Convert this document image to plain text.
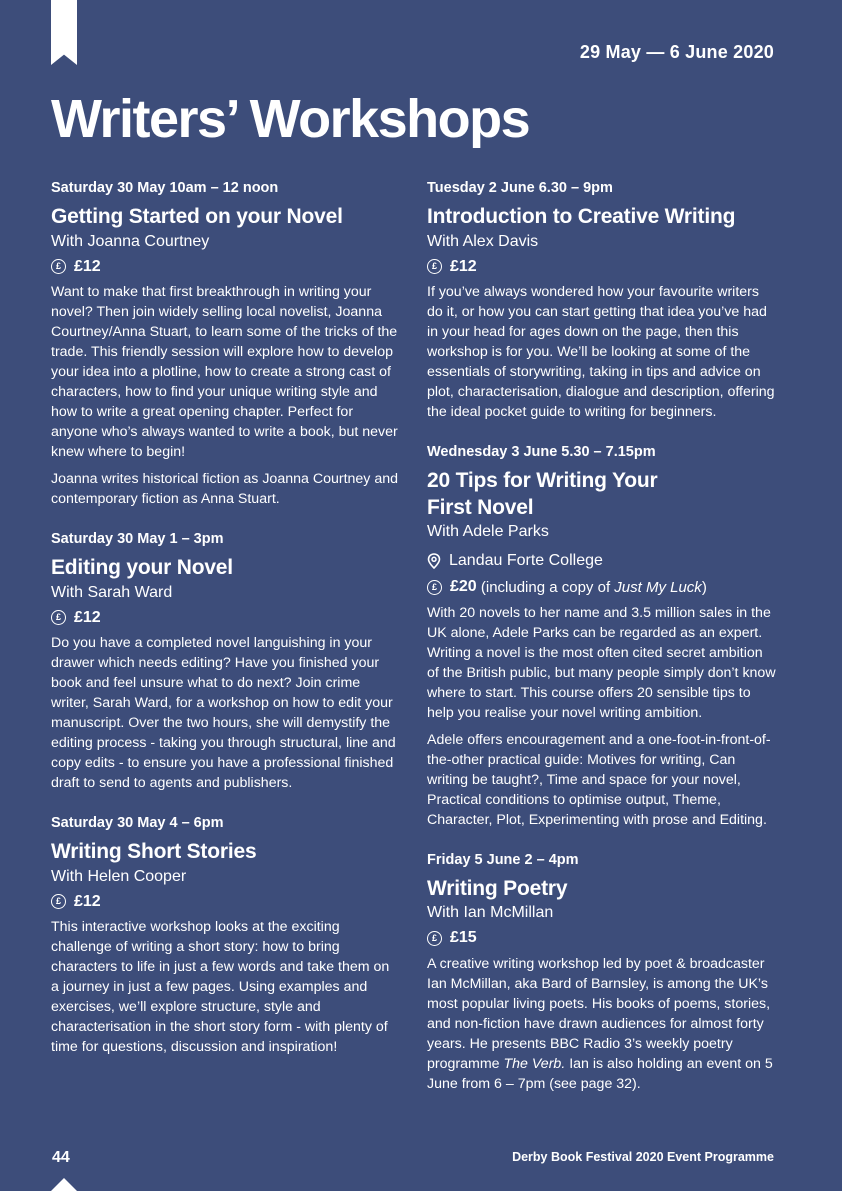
29 May — 6 June 2020
Writers’ Workshops

Saturday 30 May 10am – 12 noon

Getting Started on your Novel

With Joanna Courtney

£ £12

Want to make that first breakthrough in writing your novel? Then join widely selling local novelist, Joanna Courtney/Anna Stuart, to learn some of the tricks of the trade. This friendly session will explore how to develop your idea into a plotline, how to create a strong cast of characters, how to find your unique writing style and how to write a great opening chapter. Perfect for anyone who’s always wanted to write a book, but never knew where to begin!

Joanna writes historical fiction as Joanna Courtney and contemporary fiction as Anna Stuart.

Saturday 30 May 1 – 3pm

Editing your Novel

With Sarah Ward

£ £12

Do you have a completed novel languishing in your drawer which needs editing? Have you finished your book and feel unsure what to do next? Join crime writer, Sarah Ward, for a workshop on how to edit your manuscript. Over the two hours, she will demystify the editing process - taking you through structural, line and copy edits - to ensure you have a professional finished draft to send to agents and publishers.

Saturday 30 May 4 – 6pm

Writing Short Stories

With Helen Cooper

£ £12

This interactive workshop looks at the exciting challenge of writing a short story: how to bring characters to life in just a few words and take them on a journey in just a few pages. Using examples and exercises, we’ll explore structure, style and characterisation in the short story form - with plenty of time for questions, discussion and inspiration!

Tuesday 2 June 6.30 – 9pm

Introduction to Creative Writing

With Alex Davis

£ £12

If you’ve always wondered how your favourite writers do it, or how you can start getting that idea you’ve had in your head for ages down on the page, then this workshop is for you. We’ll be looking at some of the essentials of storywriting, taking in tips and advice on plot, characterisation, dialogue and description, offering the ideal pocket guide to writing for beginners.

Wednesday 3 June 5.30 – 7.15pm

20 Tips for Writing Your First Novel

With Adele Parks

Landau Forte College
£ £20 (including a copy of Just My Luck)

With 20 novels to her name and 3.5 million sales in the UK alone, Adele Parks can be regarded as an expert. Writing a novel is the most often cited secret ambition of the British public, but many people simply don’t know where to start. This course offers 20 sensible tips to help you realise your novel writing ambition.

Adele offers encouragement and a one-foot-in-front-of-the-other practical guide: Motives for writing, Can writing be taught?, Time and space for your novel, Practical conditions to optimise output, Theme, Character, Plot, Experimenting with prose and Editing.

Friday 5 June 2 – 4pm

Writing Poetry

With Ian McMillan

£ £15

A creative writing workshop led by poet & broadcaster Ian McMillan, aka Bard of Barnsley, is among the UK’s most popular living poets. His books of poems, stories, and non-fiction have drawn audiences for almost forty years. He presents BBC Radio 3’s weekly poetry programme The Verb. Ian is also holding an event on 5 June from 6 – 7pm (see page 32).

44	Derby Book Festival 2020 Event Programme
